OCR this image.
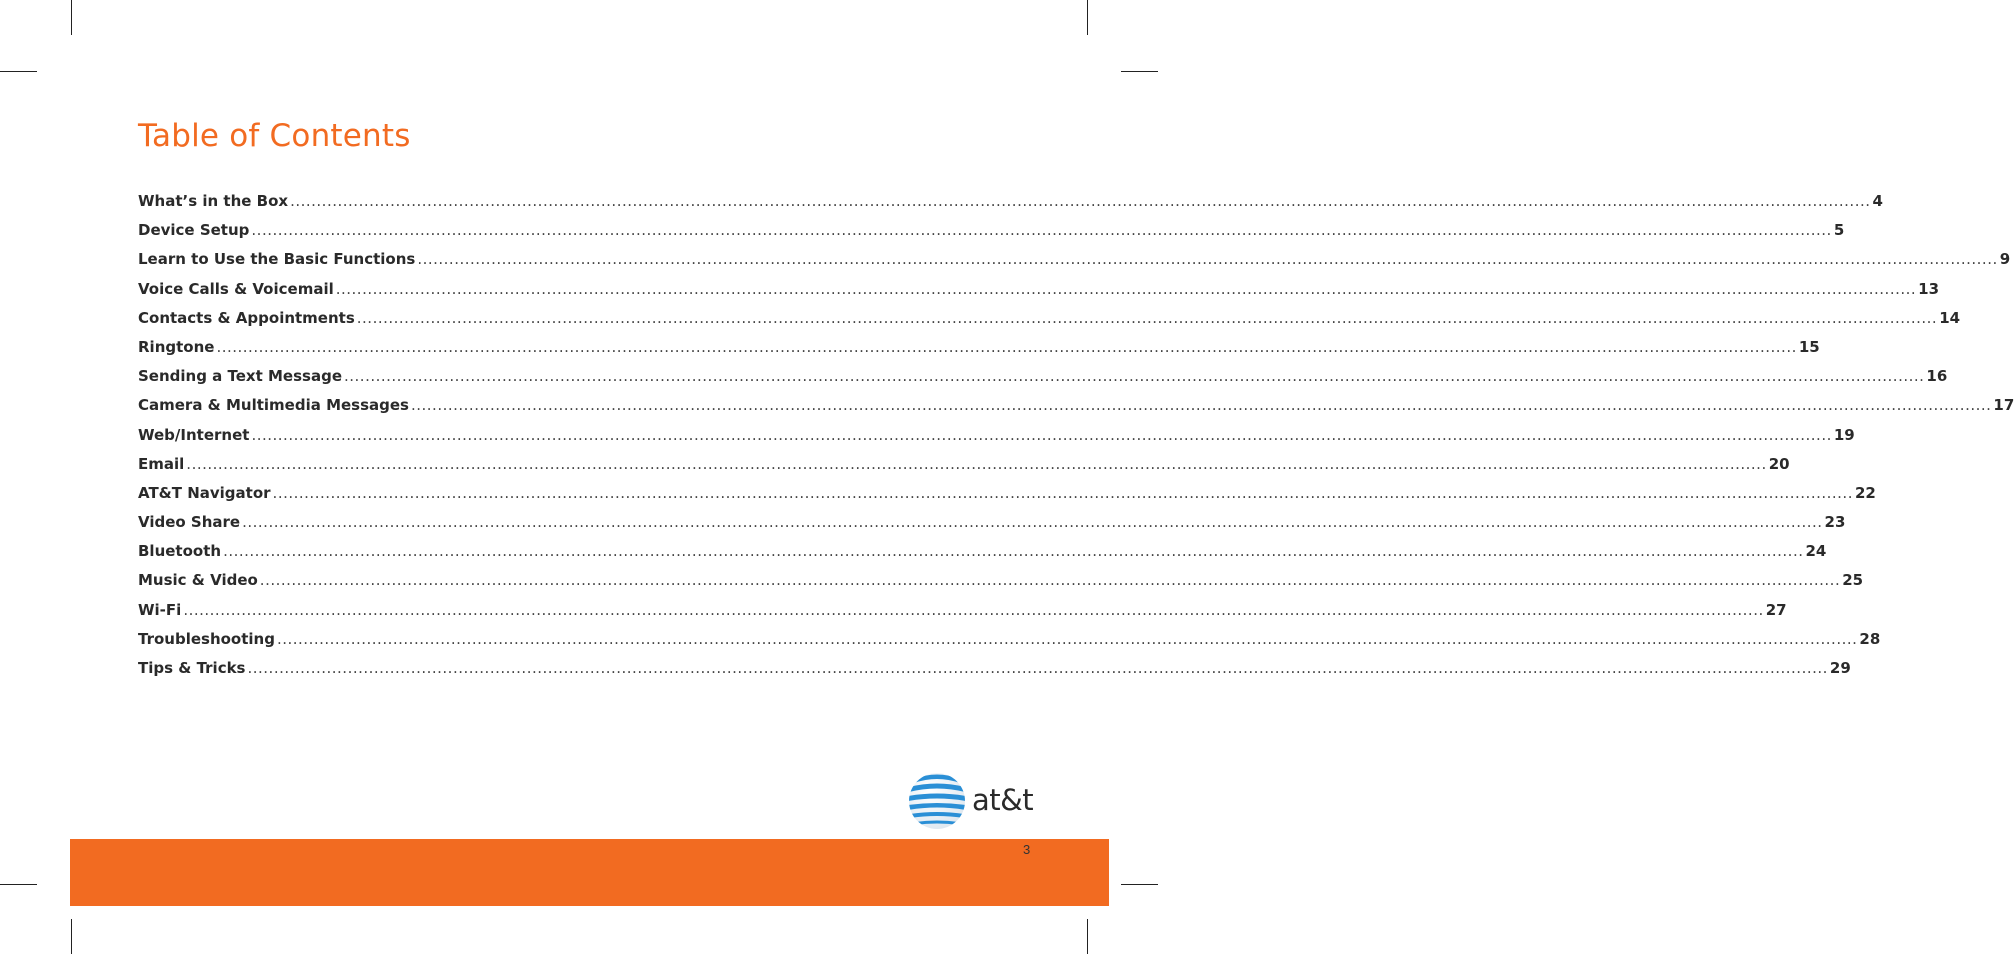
Table of Contents
What’s in the Box ............................................................................................................................................................................................................................................................................................................ 4
Device Setup ............................................................................................................................................................................................................................................................................................................ 5
Learn to Use the Basic Functions ............................................................................................................................................................................................................................................................................................................ 9
Voice Calls & Voicemail ............................................................................................................................................................................................................................................................................................................ 13
Contacts & Appointments ............................................................................................................................................................................................................................................................................................................ 14
Ringtone ............................................................................................................................................................................................................................................................................................................ 15
Sending a Text Message ............................................................................................................................................................................................................................................................................................................ 16
Camera & Multimedia Messages ............................................................................................................................................................................................................................................................................................................ 17
Web/Internet ............................................................................................................................................................................................................................................................................................................ 19
Email ............................................................................................................................................................................................................................................................................................................ 20
AT&T Navigator ............................................................................................................................................................................................................................................................................................................ 22
Video Share ............................................................................................................................................................................................................................................................................................................ 23
Bluetooth ............................................................................................................................................................................................................................................................................................................ 24
Music & Video ............................................................................................................................................................................................................................................................................................................ 25
Wi-Fi ............................................................................................................................................................................................................................................................................................................ 27
Troubleshooting ............................................................................................................................................................................................................................................................................................................ 28
Tips & Tricks ............................................................................................................................................................................................................................................................................................................ 29
at&t
3
